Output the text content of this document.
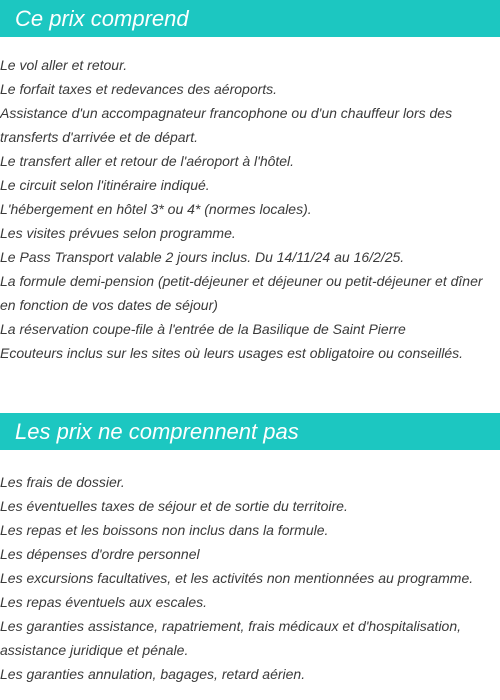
Ce prix comprend
Le vol aller et retour.
Le forfait taxes et redevances des aéroports.
Assistance d'un accompagnateur francophone ou d'un chauffeur lors des transferts d'arrivée et de départ.
Le transfert aller et retour de l'aéroport à l'hôtel.
Le circuit selon l'itinéraire indiqué.
L'hébergement en hôtel 3* ou 4* (normes locales).
Les visites prévues selon programme.
Le Pass Transport valable 2 jours inclus. Du 14/11/24 au 16/2/25.
La formule demi-pension (petit-déjeuner et déjeuner ou petit-déjeuner et dîner en fonction de vos dates de séjour)
La réservation coupe-file à l'entrée de la Basilique de Saint Pierre
Ecouteurs inclus sur les sites où leurs usages est obligatoire ou conseillés.
Les prix ne comprennent pas
Les frais de dossier.
Les éventuelles taxes de séjour et de sortie du territoire.
Les repas et les boissons non inclus dans la formule.
Les dépenses d'ordre personnel
Les excursions facultatives, et les activités non mentionnées au programme.
Les repas éventuels aux escales.
Les garanties assistance, rapatriement, frais médicaux et d'hospitalisation, assistance juridique et pénale.
Les garanties annulation, bagages, retard aérien.
